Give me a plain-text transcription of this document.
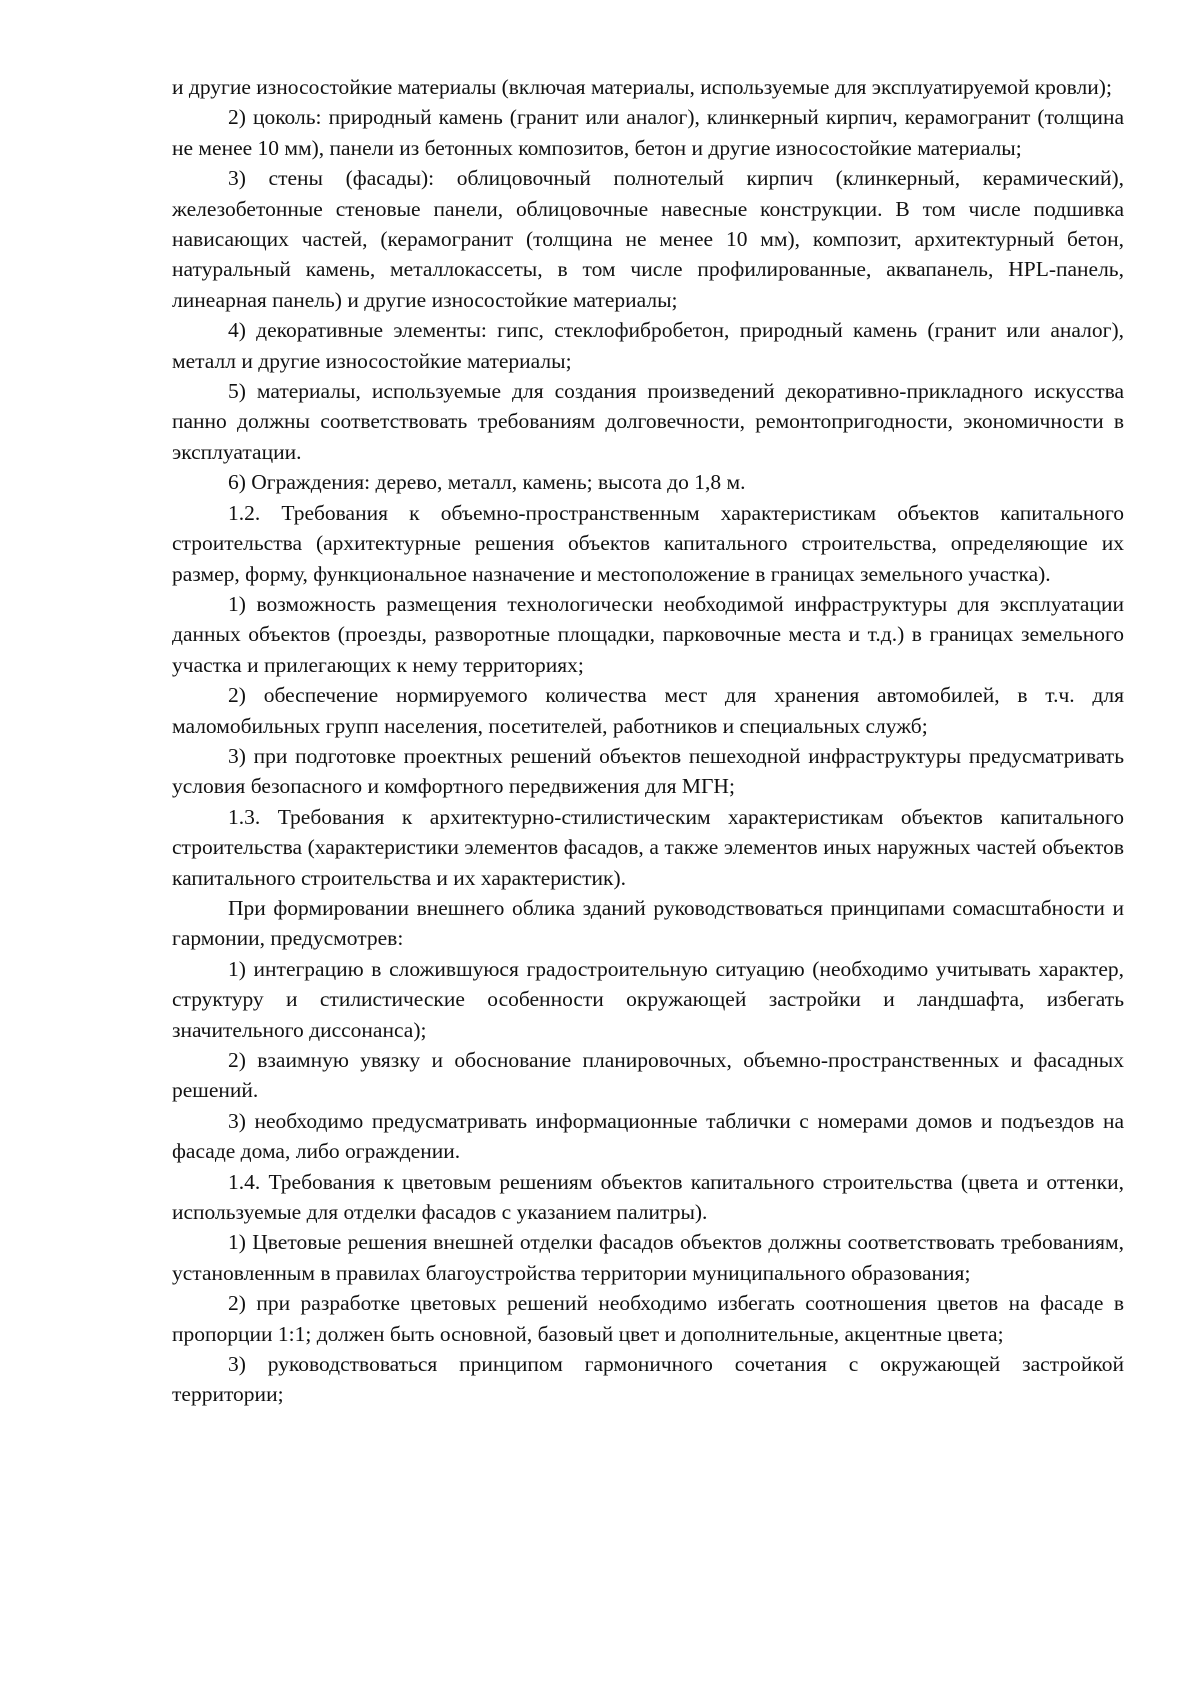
и другие износостойкие материалы (включая материалы, используемые для эксплуатируемой кровли);

2) цоколь: природный камень (гранит или аналог), клинкерный кирпич, керамогранит (толщина не менее 10 мм), панели из бетонных композитов, бетон и другие износостойкие материалы;

3) стены (фасады): облицовочный полнотелый кирпич (клинкерный, керамический), железобетонные стеновые панели, облицовочные навесные конструкции. В том числе подшивка нависающих частей, (керамогранит (толщина не менее 10 мм), композит, архитектурный бетон, натуральный камень, металлокассеты, в том числе профилированные, аквапанель, HPL-панель, линеарная панель) и другие износостойкие материалы;

4) декоративные элементы: гипс, стеклофибробетон, природный камень (гранит или аналог), металл и другие износостойкие материалы;

5) материалы, используемые для создания произведений декоративно-прикладного искусства панно должны соответствовать требованиям долговечности, ремонтопригодности, экономичности в эксплуатации.

6) Ограждения: дерево, металл, камень; высота до 1,8 м.

1.2. Требования к объемно-пространственным характеристикам объектов капитального строительства (архитектурные решения объектов капитального строительства, определяющие их размер, форму, функциональное назначение и местоположение в границах земельного участка).

1) возможность размещения технологически необходимой инфраструктуры для эксплуатации данных объектов (проезды, разворотные площадки, парковочные места и т.д.) в границах земельного участка и прилегающих к нему территориях;

2) обеспечение нормируемого количества мест для хранения автомобилей, в т.ч. для маломобильных групп населения, посетителей, работников и специальных служб;

3) при подготовке проектных решений объектов пешеходной инфраструктуры предусматривать условия безопасного и комфортного передвижения для МГН;

1.3. Требования к архитектурно-стилистическим характеристикам объектов капитального строительства (характеристики элементов фасадов, а также элементов иных наружных частей объектов капитального строительства и их характеристик).

При формировании внешнего облика зданий руководствоваться принципами сомасштабности и гармонии, предусмотрев:

1) интеграцию в сложившуюся градостроительную ситуацию (необходимо учитывать характер, структуру и стилистические особенности окружающей застройки и ландшафта, избегать значительного диссонанса);

2) взаимную увязку и обоснование планировочных, объемно-пространственных и фасадных решений.

3) необходимо предусматривать информационные таблички с номерами домов и подъездов на фасаде дома, либо ограждении.

1.4. Требования к цветовым решениям объектов капитального строительства (цвета и оттенки, используемые для отделки фасадов с указанием палитры).

1) Цветовые решения внешней отделки фасадов объектов должны соответствовать требованиям, установленным в правилах благоустройства территории муниципального образования;

2) при разработке цветовых решений необходимо избегать соотношения цветов на фасаде в пропорции 1:1; должен быть основной, базовый цвет и дополнительные, акцентные цвета;

3) руководствоваться принципом гармоничного сочетания с окружающей застройкой территории;
